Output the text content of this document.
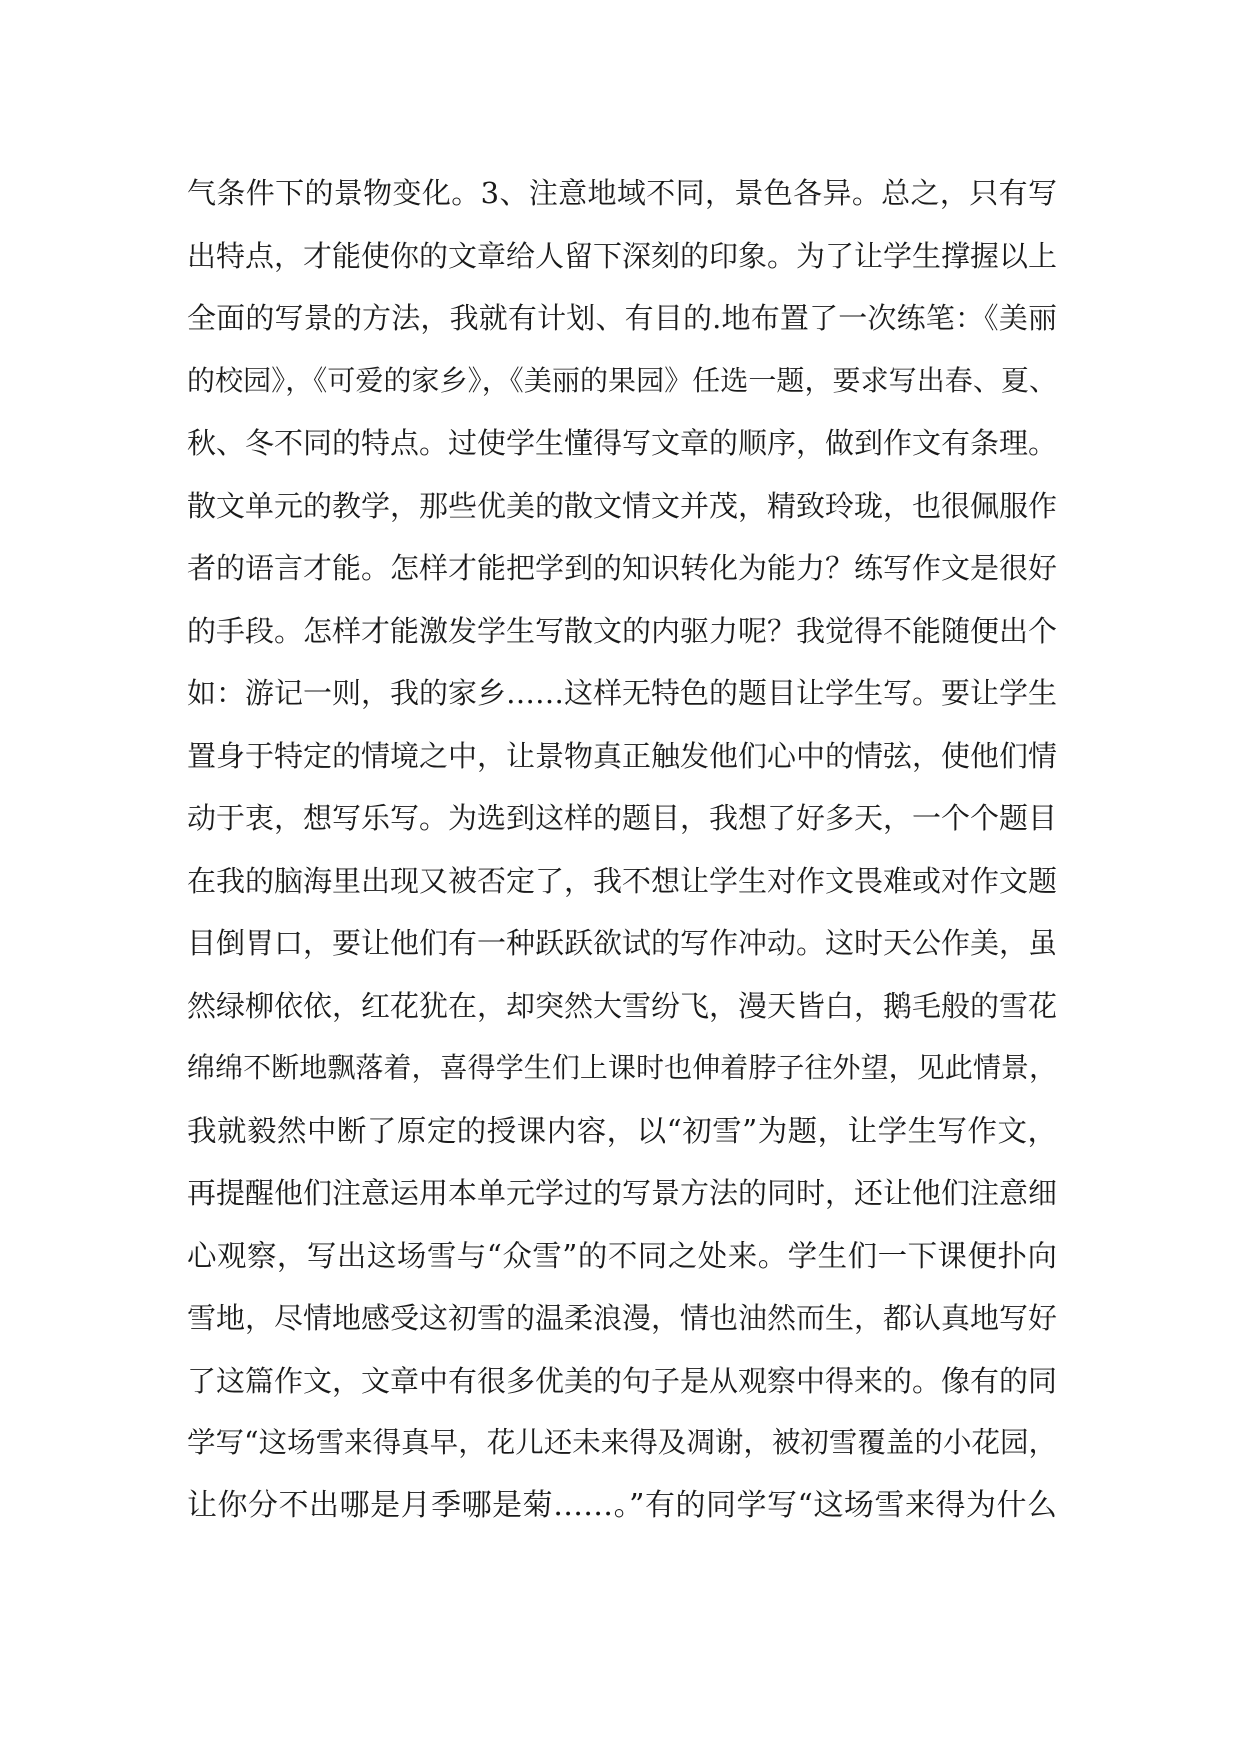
气条件下的景物变化。3、注意地域不同，景色各异。总之，只有写
出特点，才能使你的文章给人留下深刻的印象。为了让学生撑握以上
全面的写景的方法，我就有计划、有目的.地布置了一次练笔：《美丽
的校园》，《可爱的家乡》，《美丽的果园》任选一题，要求写出春、夏、
秋、冬不同的特点。过使学生懂得写文章的顺序，做到作文有条理。
散文单元的教学，那些优美的散文情文并茂，精致玲珑，也很佩服作
者的语言才能。怎样才能把学到的知识转化为能力？练写作文是很好
的手段。怎样才能激发学生写散文的内驱力呢？我觉得不能随便出个
如：游记一则，我的家乡……这样无特色的题目让学生写。要让学生
置身于特定的情境之中，让景物真正触发他们心中的情弦，使他们情
动于衷，想写乐写。为选到这样的题目，我想了好多天，一个个题目
在我的脑海里出现又被否定了，我不想让学生对作文畏难或对作文题
目倒胃口，要让他们有一种跃跃欲试的写作冲动。这时天公作美，虽
然绿柳依依，红花犹在，却突然大雪纷飞，漫天皆白，鹅毛般的雪花
绵绵不断地飘落着，喜得学生们上课时也伸着脖子往外望，见此情景，
我就毅然中断了原定的授课内容，以“初雪”为题，让学生写作文，
再提醒他们注意运用本单元学过的写景方法的同时，还让他们注意细
心观察，写出这场雪与“众雪”的不同之处来。学生们一下课便扑向
雪地，尽情地感受这初雪的温柔浪漫，情也油然而生，都认真地写好
了这篇作文，文章中有很多优美的句子是从观察中得来的。像有的同
学写“这场雪来得真早，花儿还未来得及凋谢，被初雪覆盖的小花园，
让你分不出哪是月季哪是菊……。”有的同学写“这场雪来得为什么
